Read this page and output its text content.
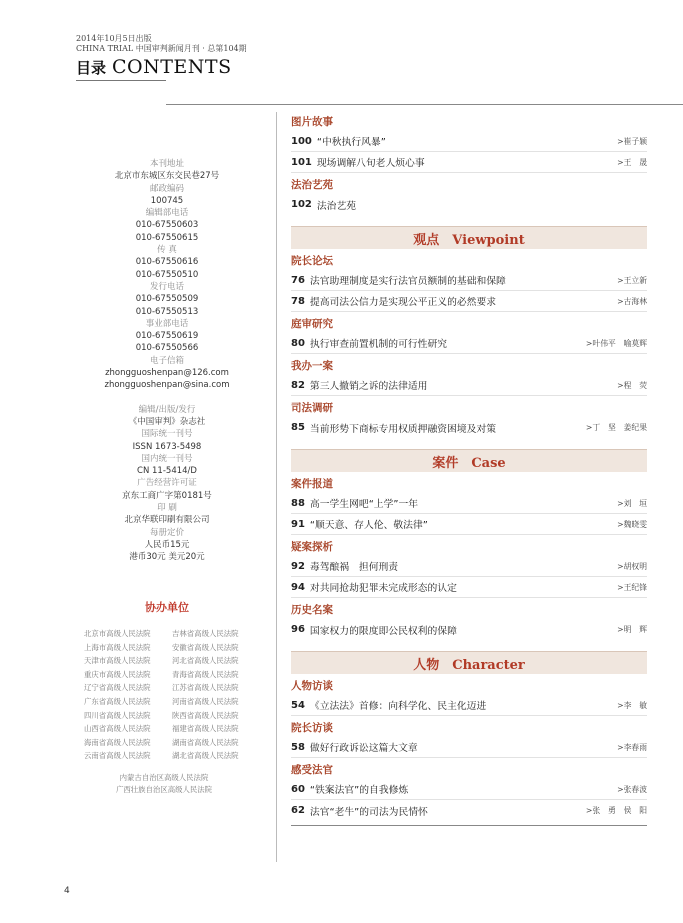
2014年10月5日出版
CHINA TRIAL 中国审判新闻月刊 · 总第104期
目录 CONTENTS
本刊地址
北京市东城区东交民巷27号
邮政编码
100745
编辑部电话
010-67550603
010-67550615
传 真
010-67550616
010-67550510
发行电话
010-67550509
010-67550513
事业部电话
010-67550619
010-67550566
电子信箱
zhongguoshenpan@126.com
zhongguoshenpan@sina.com
编辑/出版/发行
《中国审判》杂志社
国际统一刊号
ISSN 1673-5498
国内统一刊号
CN 11-5414/D
广告经营许可证
京东工商广字第0181号
印 刷
北京华联印刷有限公司
每册定价
人民币15元
港币30元 美元20元
协办单位
北京市高级人民法院	吉林省高级人民法院
上海市高级人民法院	安徽省高级人民法院
天津市高级人民法院	河北省高级人民法院
重庆市高级人民法院	青海省高级人民法院
辽宁省高级人民法院	江苏省高级人民法院
广东省高级人民法院	河南省高级人民法院
四川省高级人民法院	陕西省高级人民法院
山西省高级人民法院	福建省高级人民法院
海南省高级人民法院	湖南省高级人民法院
云南省高级人民法院	湖北省高级人民法院
内蒙古自治区高级人民法院
广西壮族自治区高级人民法院
图片故事
100 “中秋执行风暴”	>崔子颖
101 现场调解八旬老人烦心事	>王　晟
法治艺苑
102 法治艺苑
观点　Viewpoint
院长论坛
76 法官助理制度是实行法官员额制的基础和保障	>王立新
78 提高司法公信力是实现公平正义的必然要求	>古海林
庭审研究
80 执行审查前置机制的可行性研究	>叶伟平　喻莫辉
我办一案
82 第三人撤销之诉的法律适用	>程　荧
司法调研
85 当前形势下商标专用权质押融资困境及对策	>丁　坚　姜纪果
案件　Case
案件报道
88 高一学生网吧“上学”一年	>刘　垣
91 “顺天意、存人伦、敬法律”	>魏晓雯
疑案探析
92 毒驾酿祸　担何刑责	>胡权明
94 对共同抢劫犯罪未完成形态的认定	>王纪锋
历史名案
96 国家权力的限度即公民权利的保障	>明　辉
人物　Character
人物访谈
54 《立法法》首修：向科学化、民主化迈进	>李　敏
院长访谈
58 做好行政诉讼这篇大文章	>李春雨
感受法官
60 “铁案法官”的自我修炼	>张春波
62 法官“老牛”的司法为民情怀	>张　勇　侯　阳
4
